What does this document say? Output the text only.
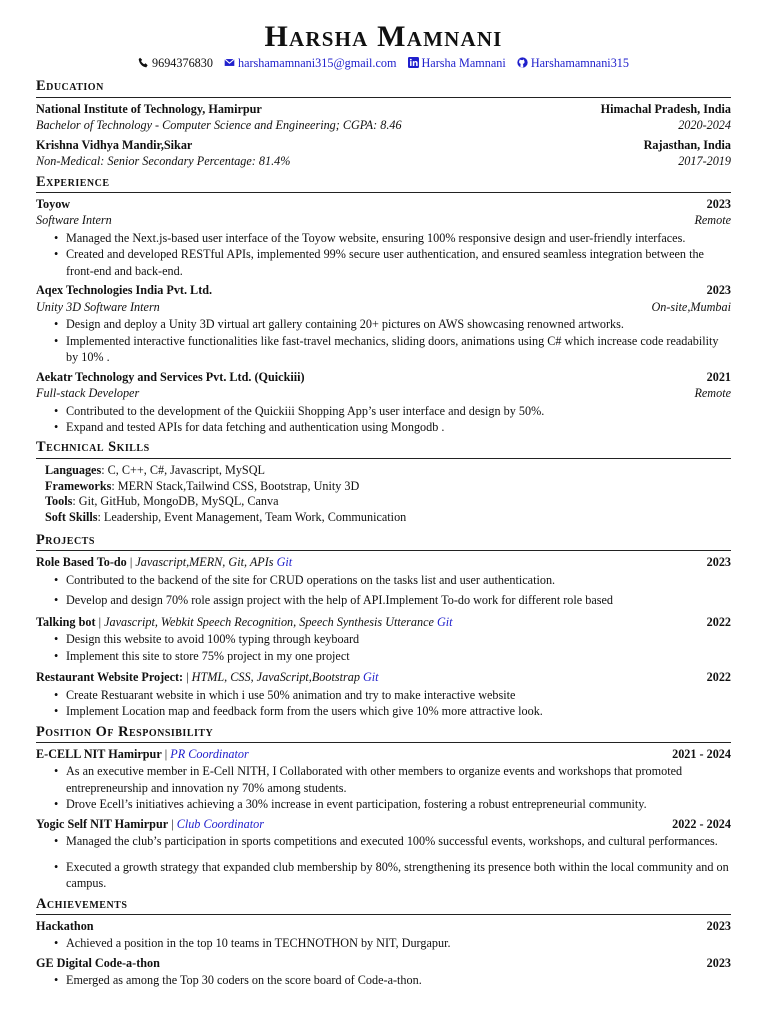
Harsha Mamnani
9694376830 harshamamnani315@gmail.com Harsha Mamnani Harshamamnani315
Education
National Institute of Technology, Hamirpur	Himachal Pradesh, India
Bachelor of Technology - Computer Science and Engineering; CGPA: 8.46	2020-2024
Krishna Vidhya Mandir,Sikar	Rajasthan, India
Non-Medical: Senior Secondary Percentage: 81.4%	2017-2019
Experience
Toyow	2023
Software Intern	Remote
• Managed the Next.js-based user interface of the Toyow website, ensuring 100% responsive design and user-friendly interfaces.
• Created and developed RESTful APIs, implemented 99% secure user authentication, and ensured seamless integration between the front-end and back-end.
Aqex Technologies India Pvt. Ltd.	2023
Unity 3D Software Intern	On-site,Mumbai
• Design and deploy a Unity 3D virtual art gallery containing 20+ pictures on AWS showcasing renowned artworks.
• Implemented interactive functionalities like fast-travel mechanics, sliding doors, animations using C# which increase code readability by 10% .
Aekatr Technology and Services Pvt. Ltd. (Quickiii)	2021
Full-stack Developer	Remote
• Contributed to the development of the Quickiii Shopping App’s user interface and design by 50%.
• Expand and tested APIs for data fetching and authentication using Mongodb .
Technical Skills
Languages: C, C++, C#, Javascript, MySQL
Frameworks: MERN Stack,Tailwind CSS, Bootstrap, Unity 3D
Tools: Git, GitHub, MongoDB, MySQL, Canva
Soft Skills: Leadership, Event Management, Team Work, Communication
Projects
Role Based To-do | Javascript,MERN, Git, APIs Git	2023
• Contributed to the backend of the site for CRUD operations on the tasks list and user authentication.
• Develop and design 70% role assign project with the help of API.Implement To-do work for different role based
Talking bot | Javascript, Webkit Speech Recognition, Speech Synthesis Utterance Git	2022
• Design this website to avoid 100% typing through keyboard
• Implement this site to store 75% project in my one project
Restaurant Website Project: | HTML, CSS, JavaScript,Bootstrap Git	2022
• Create Restuarant website in which i use 50% animation and try to make interactive website
• Implement Location map and feedback form from the users which give 10% more attractive look.
Position Of Responsibility
E-CELL NIT Hamirpur | PR Coordinator	2021 - 2024
• As an executive member in E-Cell NITH, I Collaborated with other members to organize events and workshops that promoted entrepreneurship and innovation ny 70% among students.
• Drove Ecell’s initiatives achieving a 30% increase in event participation, fostering a robust entrepreneurial community.
Yogic Self NIT Hamirpur | Club Coordinator	2022 - 2024
• Managed the club’s participation in sports competitions and executed 100% successful events, workshops, and cultural performances.
• Executed a growth strategy that expanded club membership by 80%, strengthening its presence both within the local community and on campus.
Achievements
Hackathon	2023
• Achieved a position in the top 10 teams in TECHNOTHON by NIT, Durgapur.
GE Digital Code-a-thon	2023
• Emerged as among the Top 30 coders on the score board of Code-a-thon.
